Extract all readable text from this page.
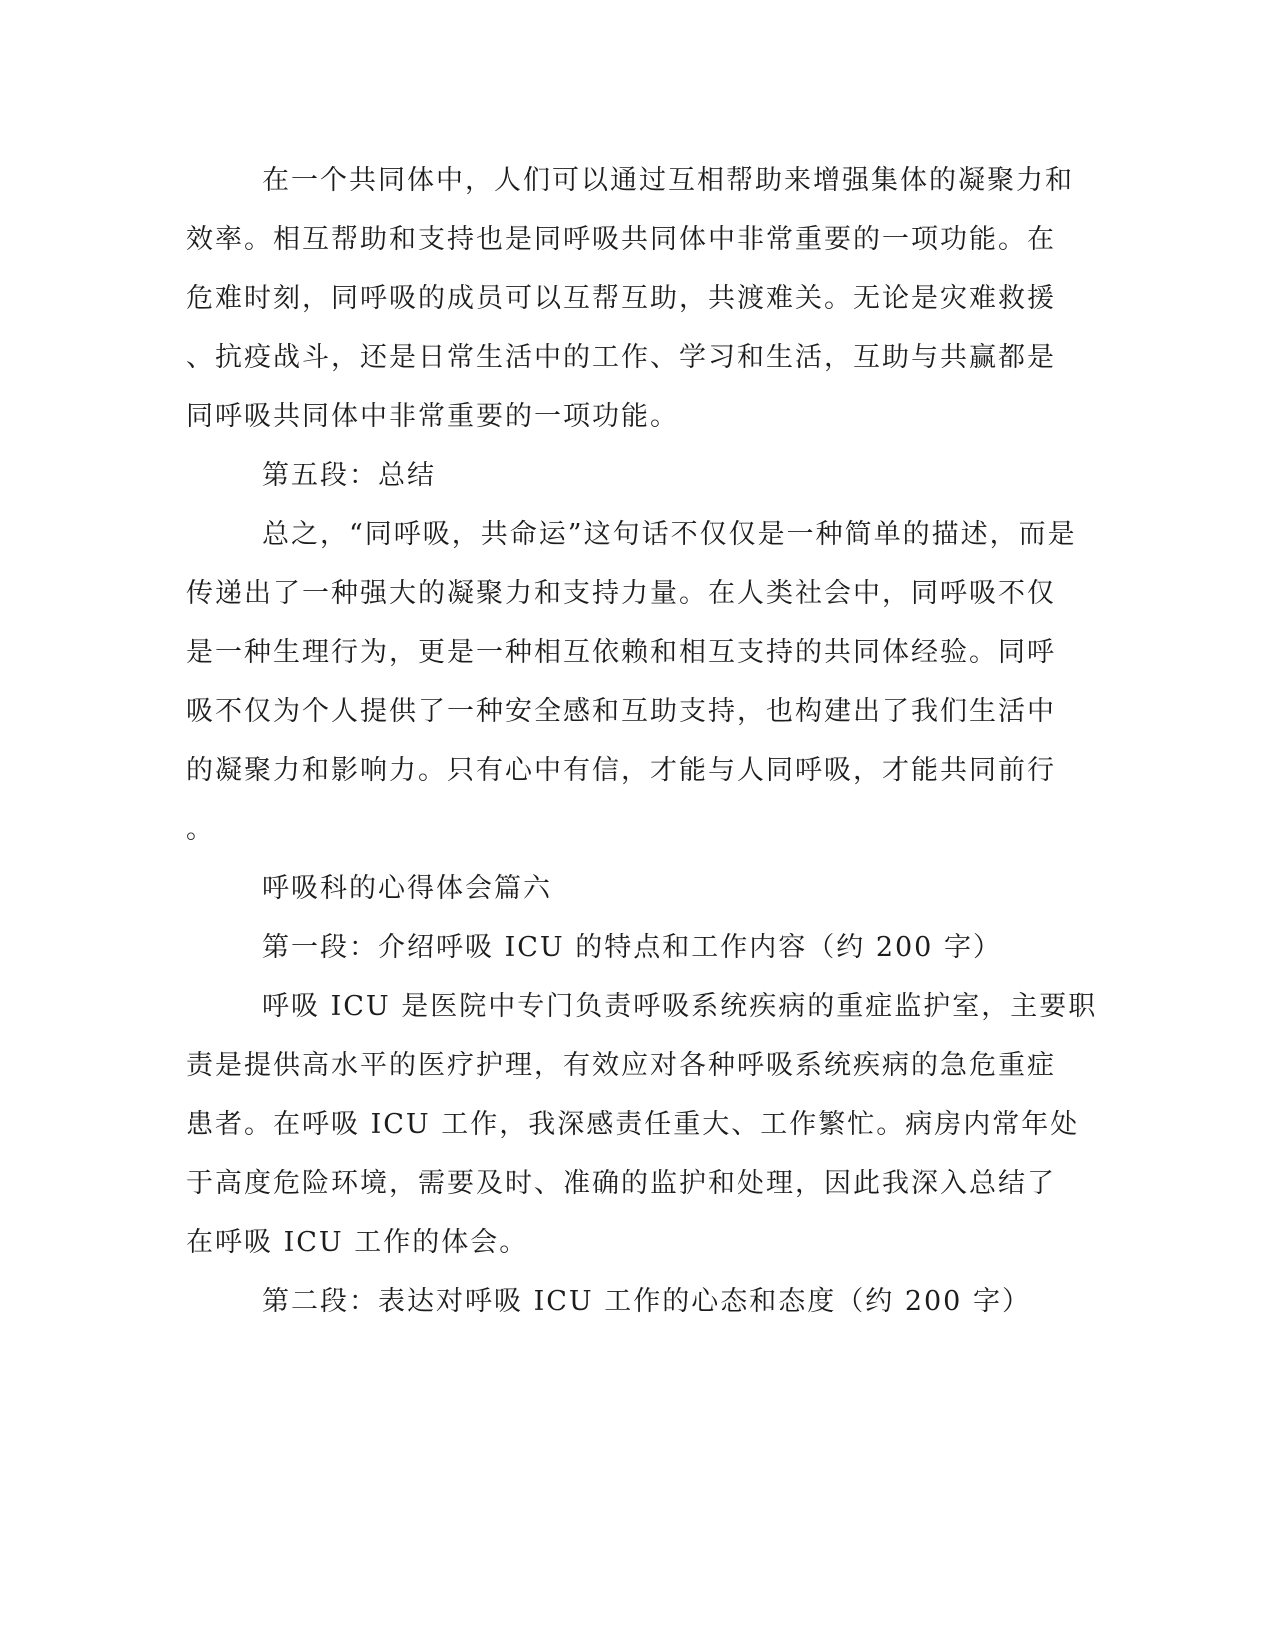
在一个共同体中，人们可以通过互相帮助来增强集体的凝聚力和

效率。相互帮助和支持也是同呼吸共同体中非常重要的一项功能。在

危难时刻，同呼吸的成员可以互帮互助，共渡难关。无论是灾难救援

、抗疫战斗，还是日常生活中的工作、学习和生活，互助与共赢都是

同呼吸共同体中非常重要的一项功能。

第五段：总结

总之，“同呼吸，共命运”这句话不仅仅是一种简单的描述，而是

传递出了一种强大的凝聚力和支持力量。在人类社会中，同呼吸不仅

是一种生理行为，更是一种相互依赖和相互支持的共同体经验。同呼

吸不仅为个人提供了一种安全感和互助支持，也构建出了我们生活中

的凝聚力和影响力。只有心中有信，才能与人同呼吸，才能共同前行

。

呼吸科的心得体会篇六

第一段：介绍呼吸 ICU 的特点和工作内容（约 200 字）

呼吸 ICU 是医院中专门负责呼吸系统疾病的重症监护室，主要职

责是提供高水平的医疗护理，有效应对各种呼吸系统疾病的急危重症

患者。在呼吸 ICU 工作，我深感责任重大、工作繁忙。病房内常年处

于高度危险环境，需要及时、准确的监护和处理，因此我深入总结了

在呼吸 ICU 工作的体会。

第二段：表达对呼吸 ICU 工作的心态和态度（约 200 字）
